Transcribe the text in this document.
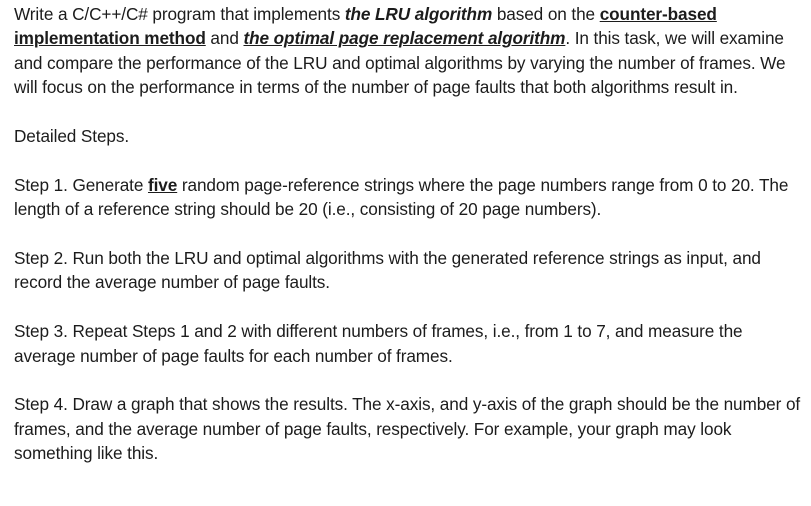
Write a C/C++/C# program that implements the LRU algorithm based on the counter-based implementation method and the optimal page replacement algorithm. In this task, we will examine and compare the performance of the LRU and optimal algorithms by varying the number of frames. We will focus on the performance in terms of the number of page faults that both algorithms result in.

Detailed Steps.

Step 1. Generate five random page-reference strings where the page numbers range from 0 to 20. The length of a reference string should be 20 (i.e., consisting of 20 page numbers).

Step 2. Run both the LRU and optimal algorithms with the generated reference strings as input, and record the average number of page faults.

Step 3. Repeat Steps 1 and 2 with different numbers of frames, i.e., from 1 to 7, and measure the average number of page faults for each number of frames.

Step 4. Draw a graph that shows the results. The x-axis, and y-axis of the graph should be the number of frames, and the average number of page faults, respectively. For example, your graph may look something like this.
